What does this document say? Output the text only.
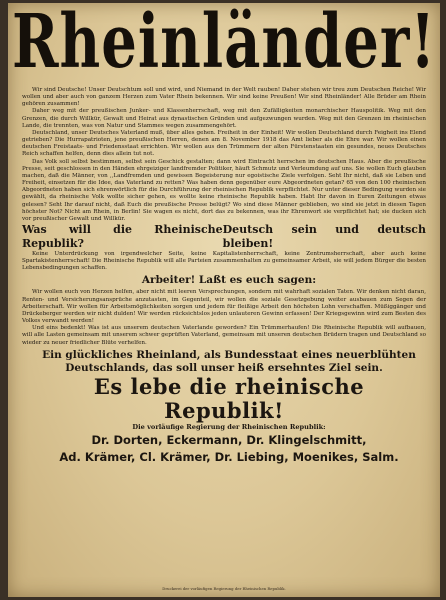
Rheinländer!

Wir sind Deutsche! Unser Deutschtum soll und wird, und Niemand in der Welt rauben! Daher stehen wir treu zum Deutschen Reiche! Wir wollen und aber auch von ganzem Herzen zum Vater Rhein bekennen. Wir sind keine Preußen! Wir sind Rheinländer! Alle Brüder am Rhein gehören zusammen!

Daher weg mit der preußischen Junker- und Klassenherrschaft, weg mit den Zufälligkeiten monarchischer Hauspolitik. Weg mit den Grenzen, die durch Willkür, Gewalt und Heirat aus dynastischen Gründen und aufgezwungen wurden. Weg mit den Grenzen im rheinischen Lande, die trennten, was von Natur und Stammes wegen zusammengehört.

Deutschland, unser Deutsches Vaterland muß, über alles gehen. Freiheit in der Einheit! Wir wollen Deutschland durch Feigheit ins Elend getrieben? Die Hurrapatrioten, jene preußischen Herren, denen am 8. November 1918 das Amt lieber als die Ehre war. Wir wollen einen deutschen Freistaats- und Friedensstaat errichten. Wir wollen aus den Trümmern der alten Fürstenstaaten ein gesundes, neues Deutsches Reich schaffen helfen, denn dies allein tut not.

Das Volk soll selbst bestimmen, selbst sein Geschick gestalten; dann wird Eintracht herrschen im deutschen Haus. Aber die preußische Presse, seit geschlossen in den Händen ehrgeiziger landfremder Politiker, häuft Schmutz und Verleumdung auf uns. Sie wollen Euch glauben machen, daß die Männer, von ,,Landfremden und gewissen Begeisterung nur egoistische Ziele verfolgen. Seht Ihr nicht, daß sie Leben und Freiheit, einsetzen für die Idee, das Vaterland zu retten? Was haben denn gegenüber eure Abgeordneten getan? 65 von den 100 rheinischen Abgeordneten haben sich ehrenwörtlich für die Durchführung der rheinischen Republik verpflichtet. Nur unter dieser Bedingung wurden sie gewählt, da rheinische Volk wollte sicher gehen, es wollte keine rheinische Republik haben. Habt Ihr davon in Euren Zeitungen etwas gelesen? Seht Ihr darauf nicht, daß Euch die preußische Presse belügt? Wo sind diese Männer geblieben, wo sind sie jetzt in diesen Tagen höchster Not? Nicht am Rhein, in Berlin! Sie wagen es nicht, dort das zu bekennen, was ihr Ehrenwort sie verpflichtet hat; sie ducken sich vor preußischer Gewalt und Willkür.

Was will die Rheinische Republik?
Deutsch sein und deutsch bleiben!

Keine Unterdrückung von irgendwelcher Seite, keine Kapitalistenherrschaft, keine Zentrumsherrschaft, aber auch keine Spartakistenherrschaft! Die Rheinische Republik will alle Parteien zusammenhalten zu gemeinsamer Arbeit, sie will jedem Bürger die besten Lebensbedingungen schaffen.

Arbeiter! Laßt es euch sagen:

Wir wollen euch von Herzen helfen, aber nicht mit leeren Versprechungen, sondern mit wahrhaft sozialen Taten. Wir denken nicht daran, Renten- und Versicherungsansprüche anzutasten, im Gegenteil, wir wollen die soziale Gesetzgebung weiter ausbauen zum Segen der Arbeiterschaft. Wir wollen für Arbeitsmöglichkeiten sorgen und jedem für fleißige Arbeit den höchsten Lohn verschaffen. Müßiggänger und Drückeberger werden wir nicht dulden! Wir werden rücksichtslos jeden unlauteren Gewinn erfassen! Der Kriegsgewinn wird zum Besten des Volkes verwandt werden!

Und eins bedenkt! Was ist aus unserem deutschen Vaterlande geworden? Ein Trümmerhaufen! Die Rheinische Republik will aufbauen, will alle Lasten gemeinsam mit unserem schwer geprüften Vaterland, gemeinsam mit unseren deutschen Brüdern tragen und Deutschland so wieder zu neuer friedlicher Blüte verhelfen.

Ein glückliches Rheinland, als Bundesstaat eines neuerblühten Deutschlands, das soll unser heiß ersehntes Ziel sein.

Es lebe die rheinische Republik!

Die vorläufige Regierung der Rheinischen Republik:

Dr. Dorten, Eckermann, Dr. Klingelschmitt,

Ad. Krämer, Cl. Krämer, Dr. Liebing, Moenikes, Salm.

Druckerei der vorläufigen Regierung der Rheinischen Republik.
